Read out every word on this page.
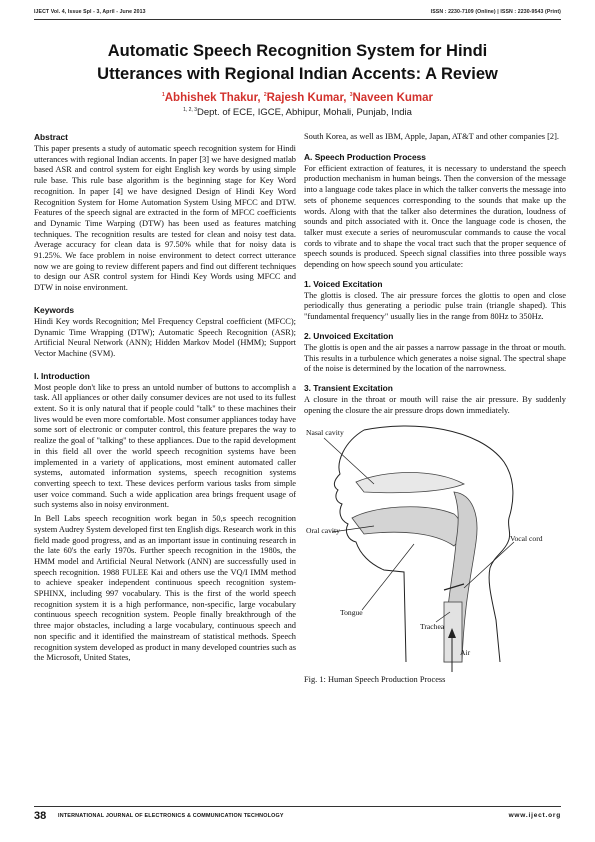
IJECT Vol. 4, Issue Spl - 3, April - June 2013	ISSN : 2230-7109 (Online) | ISSN : 2230-9543 (Print)
Automatic Speech Recognition System for Hindi
Utterances with Regional Indian Accents: A Review
$^1$Abhishek Thakur, $^2$Rajesh Kumar, $^3$Naveen Kumar
$^{1, 2, 3}$Dept. of ECE, IGCE, Abhipur, Mohali, Punjab, India
Abstract

This paper presents a study of automatic speech recognition system for Hindi utterances with regional Indian accents. In paper [3] we have designed matlab based ASR and control system for eight English key words by using simple rule base. This rule base algorithm is the beginning stage for Key Word recognition. In paper [4] we have designed Design of Hindi Key Word Recognition System for Home Automation System Using MFCC and DTW. Features of the speech signal are extracted in the form of MFCC coefficients and Dynamic Time Warping (DTW) has been used as features matching techniques. The recognition results are tested for clean and noisy test data. Average accuracy for clean data is 97.50% while that for noisy data is 91.25%. We face problem in noise environment to detect correct utterance now we are going to review different papers and find out different techniques to design our ASR control system for Hindi Key Words using MFCC and DTW in noise environment.

Keywords

Hindi Key words Recognition; Mel Frequency Cepstral coefficient (MFCC); Dynamic Time Wrapping (DTW); Automatic Speech Recognition (ASR); Artificial Neural Network (ANN); Hidden Markov Model (HMM); Support Vector Machine (SVM).

I. Introduction

Most people don't like to press an untold number of buttons to accomplish a task. All appliances or other daily consumer devices are not used to its fullest extent. So it is only natural that if people could "talk" to these machines their lives would be even more comfortable. Most consumer appliances today have some sort of electronic or computer control, this feature prepares the way to realize the goal of "talking" to these appliances. Due to the rapid development in this field all over the world speech recognition systems have been implemented in a variety of applications, most eminent automated caller systems, automated information systems, speech recognition systems converting speech to text. These devices perform various tasks from simple user voice command. Such a wide application area brings frequent usage of such systems also in noisy environment.

In Bell Labs speech recognition work began in 50,s speech recognition system Audrey System developed first ten English digs. Research work in this field made good progress, and as an important issue in continuing research in the late 60's the early 1970s. Further speech recognition in the 1980s, the HMM model and Artificial Neural Network (ANN) are successfully used in speech recognition. 1988 FULEE Kai and others use the VQ/I IMM method to achieve speaker independent continuous speech recognition system-SPHINX, including 997 vocabulary. This is the first of the world speech recognition system it is a high performance, non-specific, large vocabulary continuous speech recognition system. People finally breakthrough of the three major obstacles, including a large vocabulary, continuous speech and non specific and it identified the mainstream of statistical methods. Speech recognition system developed as product in many developed countries such as the Microsoft, United States,

South Korea, as well as IBM, Apple, Japan, AT&T and other companies [2].

A. Speech Production Process

For efficient extraction of features, it is necessary to understand the speech production mechanism in human beings. Then the conversion of the message into a language code takes place in which the talker converts the message into sets of phoneme sequences corresponding to the sounds that make up the words. Along with that the talker also determines the duration, loudness of sounds and pitch associated with it. Once the language code is chosen, the talker must execute a series of neuromuscular commands to cause the vocal cords to vibrate and to shape the vocal tract such that the proper sequence of speech sounds is produced. Speech signal classifies into three possible ways depending on how speech sound you articulate:

1. Voiced Excitation

The glottis is closed. The air pressure forces the glottis to open and close periodically thus generating a periodic pulse train (triangle shaped). This "fundamental frequency" usually lies in the range from 80Hz to 350Hz.

2. Unvoiced Excitation

The glottis is open and the air passes a narrow passage in the throat or mouth. This results in a turbulence which generates a noise signal. The spectral shape of the noise is determined by the location of the narrowness.

3. Transient Excitation

A closure in the throat or mouth will raise the air pressure. By suddenly opening the closure the air pressure drops down immediately.

Nasal cavity
Oral cavity
Vocal cord
Tongue
Trachea
Air
Fig. 1: Human Speech Production Process
38 INTERNATIONAL JOURNAL OF ELECTRONICS & COMMUNICATION TECHNOLOGY	www.iject.org
